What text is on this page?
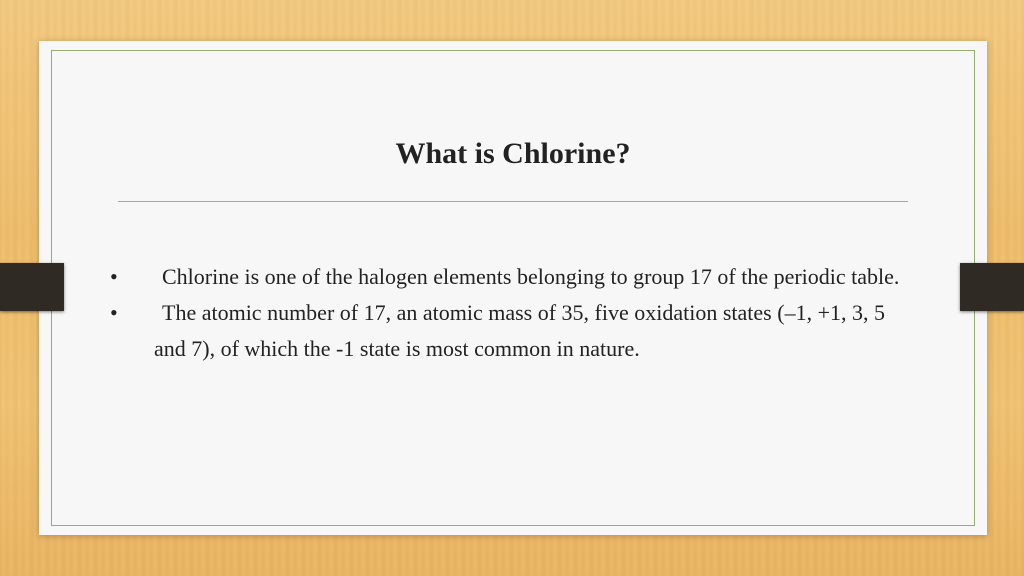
What is Chlorine?
•	Chlorine is one of the halogen elements belonging to group 17 of the periodic table.
•	The atomic number of 17, an atomic mass of 35, five oxidation states (–1, +1, 3, 5 and 7), of which the -1 state is most common in nature.
